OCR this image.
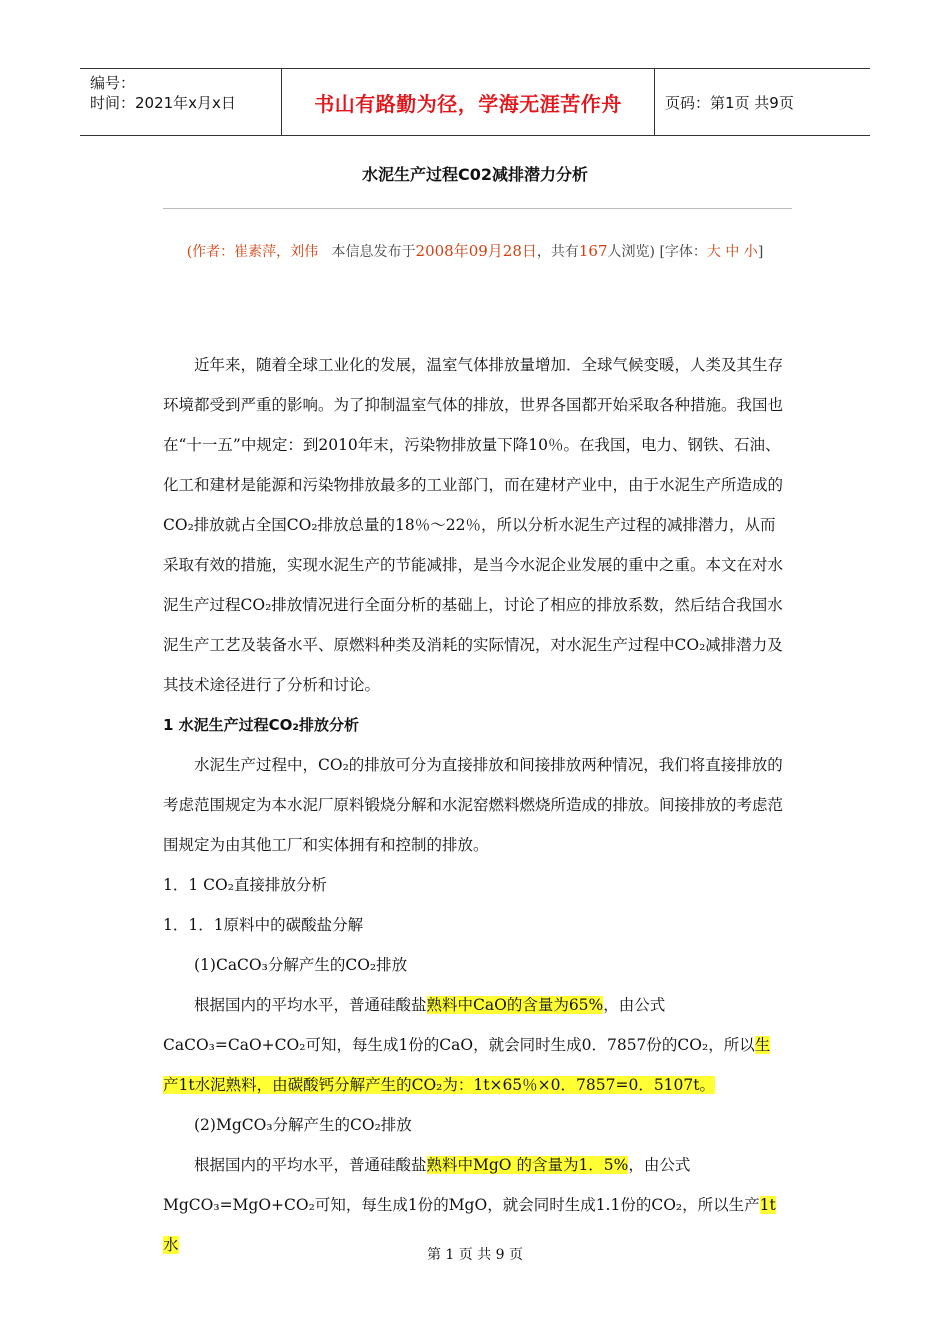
编号：
时间：2021年x月x日	书山有路勤为径，学海无涯苦作舟	页码：第1页 共9页
水泥生产过程C02减排潜力分析
(作者：崔素萍，刘伟 本信息发布于2008年09月28日，共有167人浏览) [字体：大 中 小]

近年来，随着全球工业化的发展，温室气体排放量增加．全球气候变暖，人类及其生存环境都受到严重的影响。为了抑制温室气体的排放，世界各国都开始采取各种措施。我国也在“十一五”中规定：到2010年末，污染物排放量下降10％。在我国，电力、钢铁、石油、化工和建材是能源和污染物排放最多的工业部门，而在建材产业中，由于水泥生产所造成的CO₂排放就占全国CO₂排放总量的18％～22％，所以分析水泥生产过程的减排潜力，从而采取有效的措施，实现水泥生产的节能减排，是当今水泥企业发展的重中之重。本文在对水泥生产过程CO₂排放情况进行全面分析的基础上，讨论了相应的排放系数，然后结合我国水泥生产工艺及装备水平、原燃料种类及消耗的实际情况，对水泥生产过程中CO₂减排潜力及其技术途径进行了分析和讨论。

1 水泥生产过程CO₂排放分析

水泥生产过程中，CO₂的排放可分为直接排放和间接排放两种情况，我们将直接排放的考虑范围规定为本水泥厂原料锻烧分解和水泥窑燃料燃烧所造成的排放。间接排放的考虑范围规定为由其他工厂和实体拥有和控制的排放。

1．1 CO₂直接排放分析

1．1．1原料中的碳酸盐分解

(1)CaCO₃分解产生的CO₂排放

根据国内的平均水平，普通硅酸盐熟料中CaO的含量为65%，由公式CaCO₃=CaO+CO₂可知，每生成1份的CaO，就会同时生成0．7857份的CO₂，所以生产1t水泥熟料，由碳酸钙分解产生的CO₂为：1t×65％×0．7857=0．5107t。

(2)MgCO₃分解产生的CO₂排放

根据国内的平均水平，普通硅酸盐熟料中MgO 的含量为1．5%，由公式MgCO₃=MgO+CO₂可知，每生成1份的MgO，就会同时生成1.1份的CO₂，所以生产1t水

第 1 页 共 9 页
